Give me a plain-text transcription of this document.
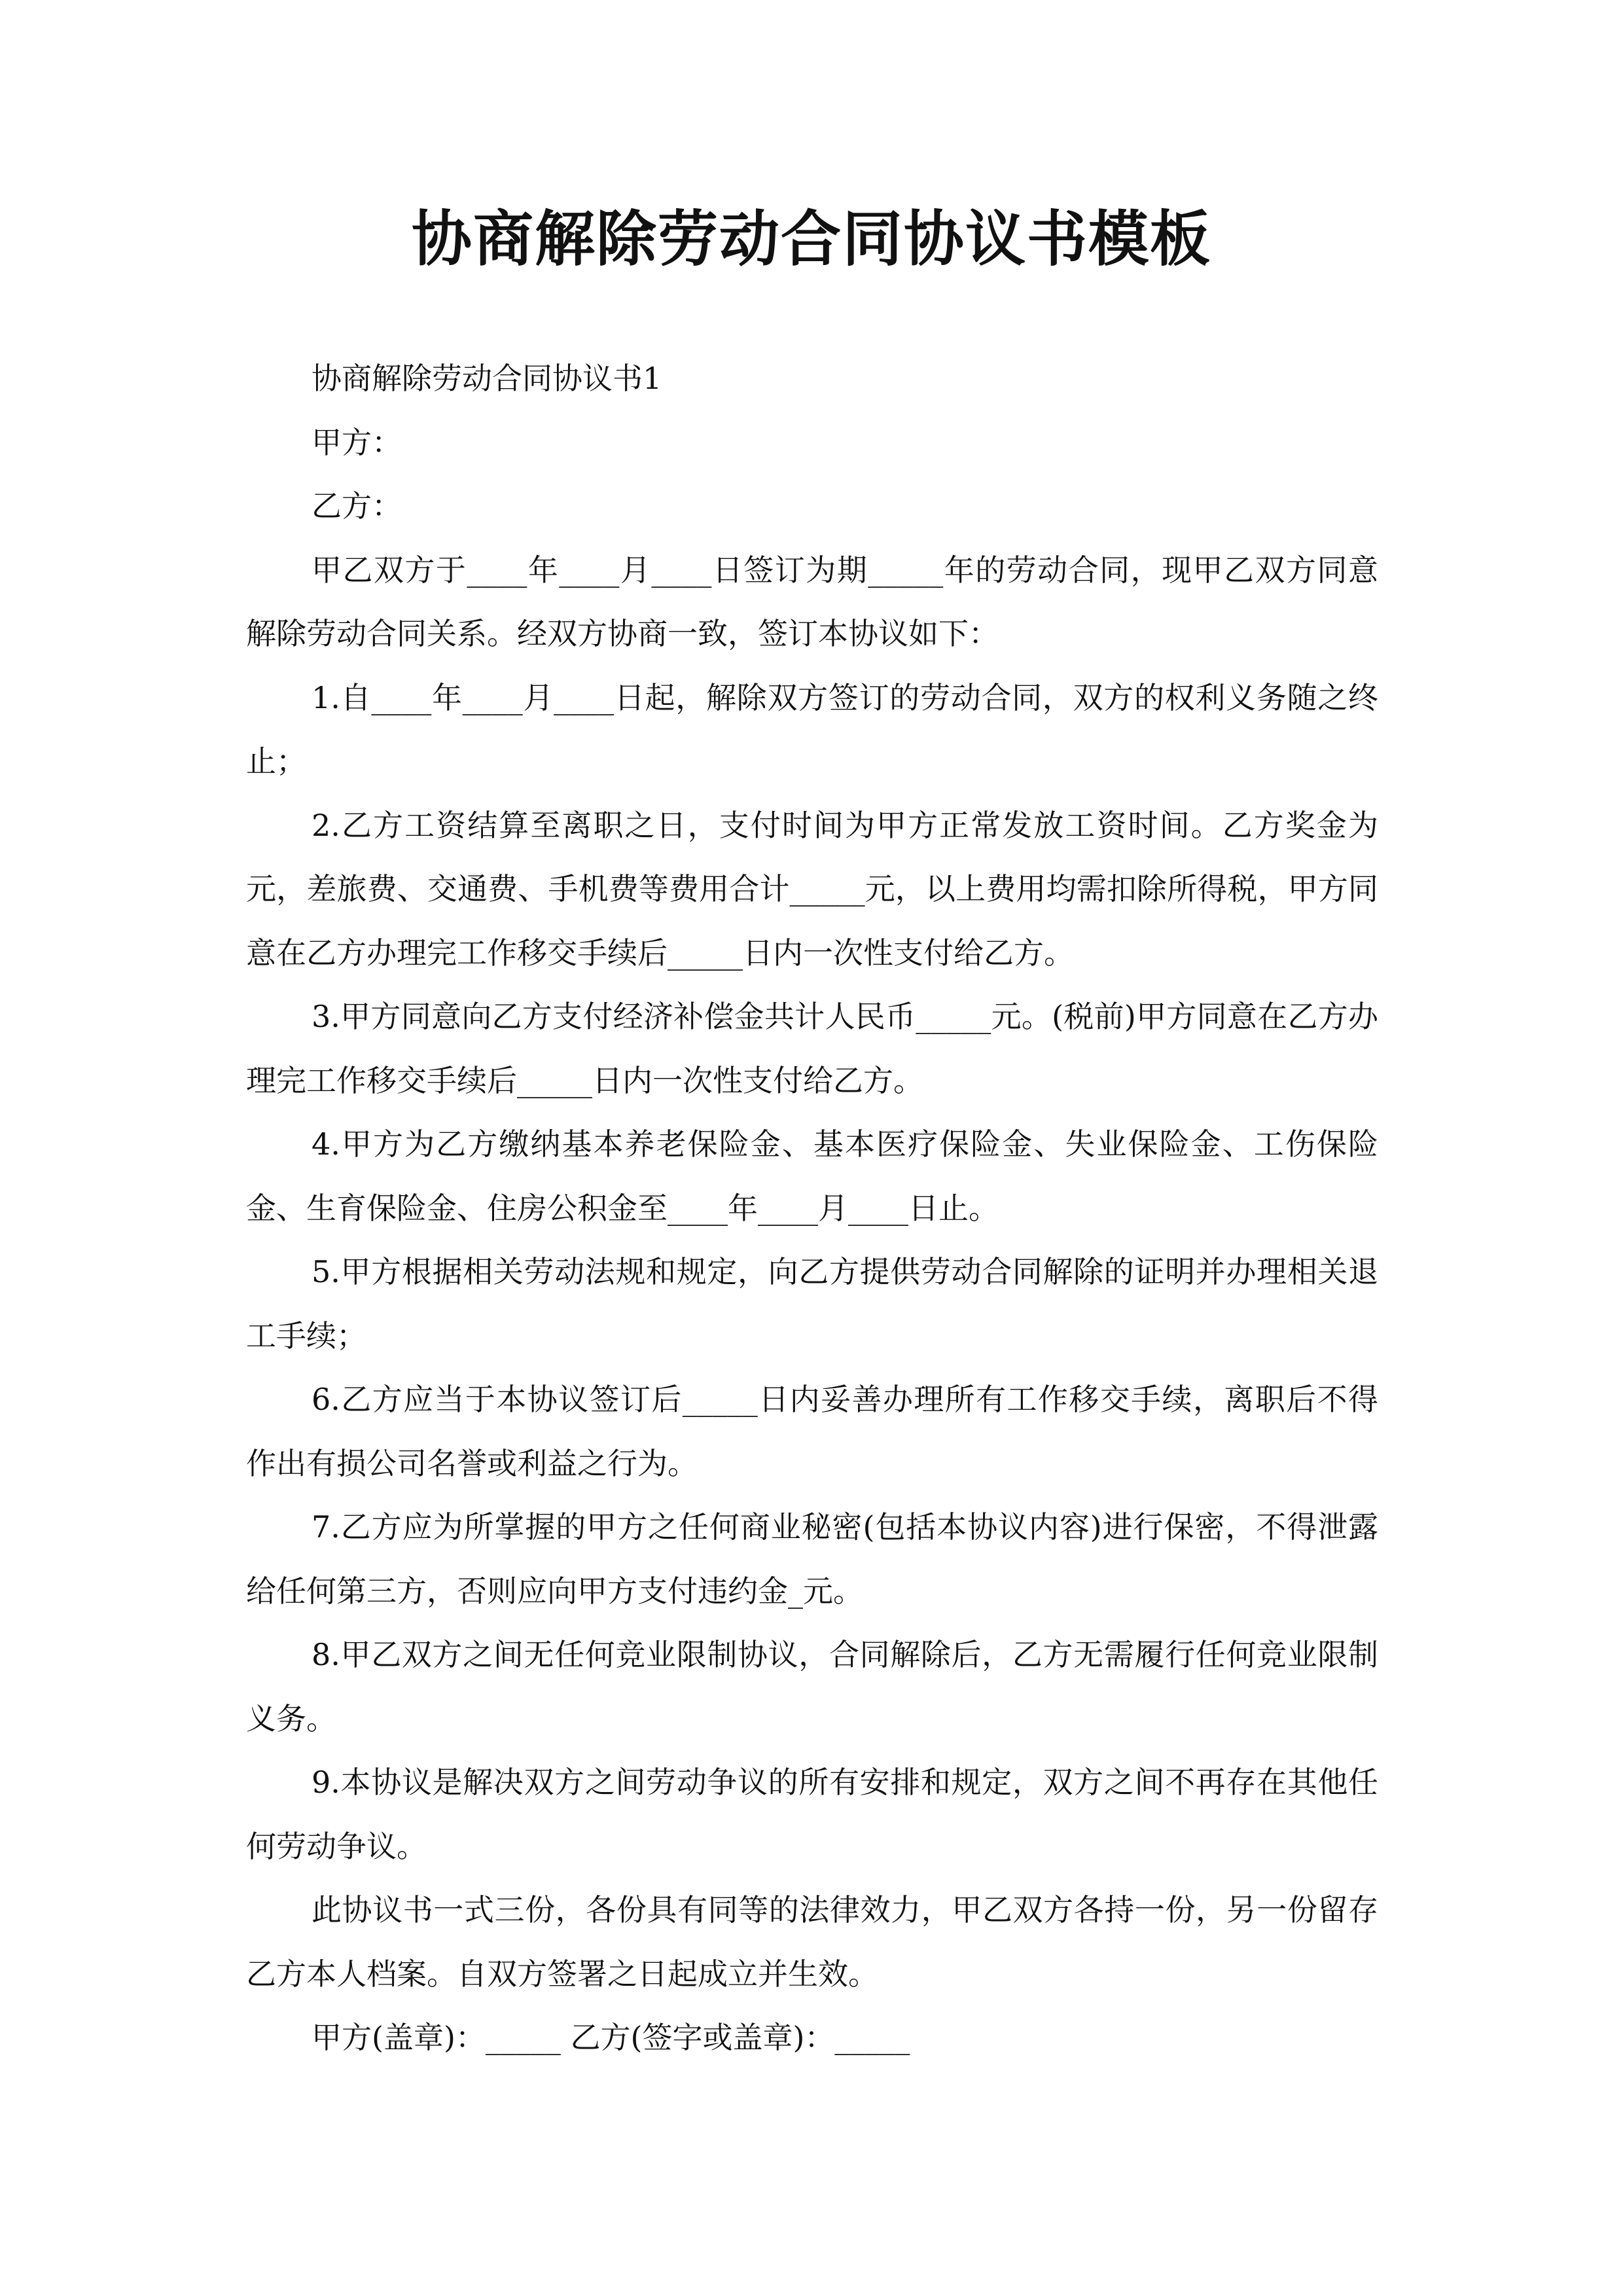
协商解除劳动合同协议书模板

协商解除劳动合同协议书1

甲方：

乙方：

甲乙双方于____年____月____日签订为期_____年的劳动合同，现甲乙双方同意解除劳动合同关系。经双方协商一致，签订本协议如下：

1.自____年____月____日起，解除双方签订的劳动合同，双方的权利义务随之终止；

2.乙方工资结算至离职之日，支付时间为甲方正常发放工资时间。乙方奖金为元，差旅费、交通费、手机费等费用合计_____元，以上费用均需扣除所得税，甲方同意在乙方办理完工作移交手续后_____日内一次性支付给乙方。

3.甲方同意向乙方支付经济补偿金共计人民币_____元。(税前)甲方同意在乙方办理完工作移交手续后_____日内一次性支付给乙方。

4.甲方为乙方缴纳基本养老保险金、基本医疗保险金、失业保险金、工伤保险金、生育保险金、住房公积金至____年____月____日止。

5.甲方根据相关劳动法规和规定，向乙方提供劳动合同解除的证明并办理相关退工手续；

6.乙方应当于本协议签订后_____日内妥善办理所有工作移交手续，离职后不得作出有损公司名誉或利益之行为。

7.乙方应为所掌握的甲方之任何商业秘密(包括本协议内容)进行保密，不得泄露给任何第三方，否则应向甲方支付违约金_元。

8.甲乙双方之间无任何竞业限制协议，合同解除后，乙方无需履行任何竞业限制义务。

9.本协议是解决双方之间劳动争议的所有安排和规定，双方之间不再存在其他任何劳动争议。

此协议书一式三份，各份具有同等的法律效力，甲乙双方各持一份，另一份留存乙方本人档案。自双方签署之日起成立并生效。

甲方(盖章)：_____ 乙方(签字或盖章)：_____
